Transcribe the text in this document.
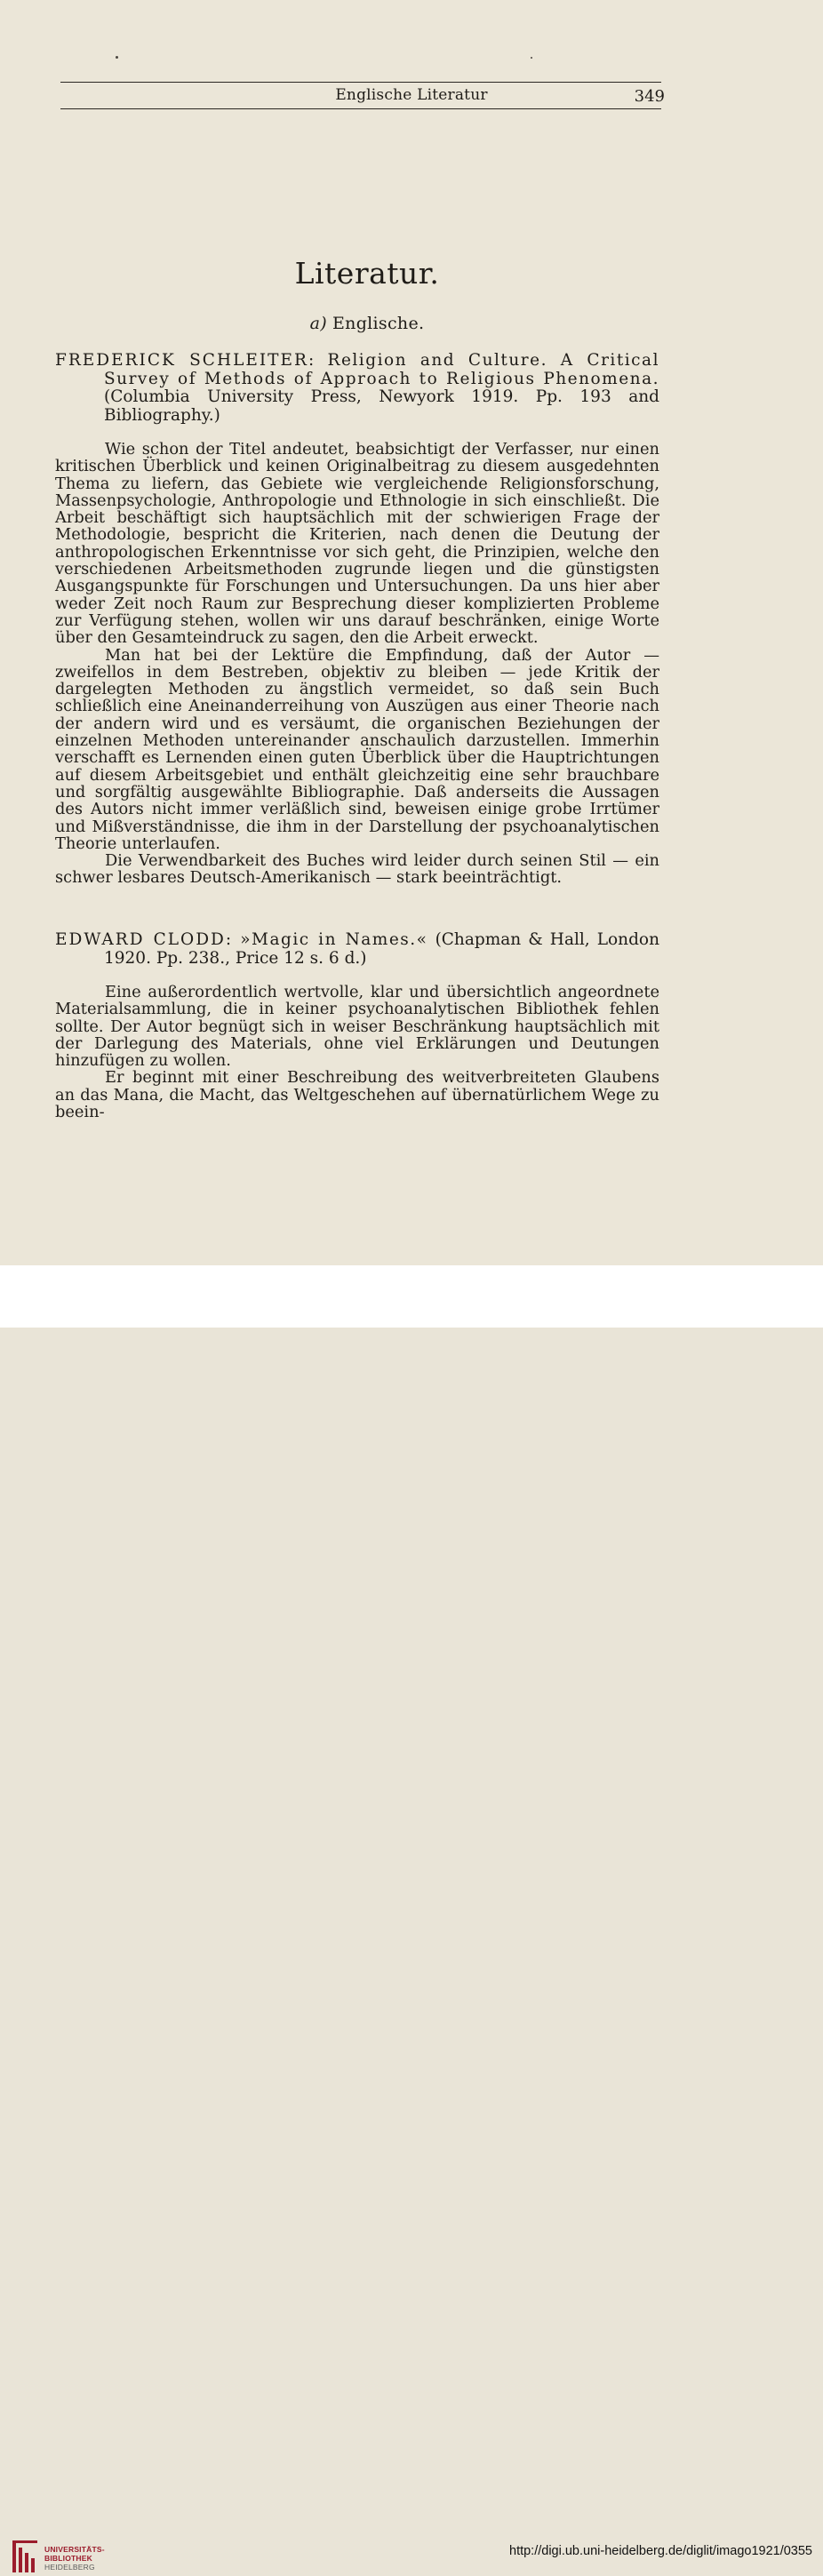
Englische Literatur	349
Literatur.
a) Englische.

FREDERICK SCHLEITER: Religion and Culture. A Critical Survey of Methods of Approach to Religious Phenomena. (Columbia University Press, Newyork 1919. Pp. 193 and Bibliography.)

Wie schon der Titel andeutet, beabsichtigt der Verfasser, nur einen kritischen Überblick und keinen Originalbeitrag zu diesem ausgedehnten Thema zu liefern, das Gebiete wie vergleichende Religionsforschung, Massenpsychologie, Anthropologie und Ethnologie in sich einschließt. Die Arbeit beschäftigt sich hauptsächlich mit der schwierigen Frage der Methodologie, bespricht die Kriterien, nach denen die Deutung der anthropologischen Erkenntnisse vor sich geht, die Prinzipien, welche den verschiedenen Arbeitsmethoden zugrunde liegen und die günstigsten Ausgangspunkte für Forschungen und Untersuchungen. Da uns hier aber weder Zeit noch Raum zur Besprechung dieser komplizierten Probleme zur Verfügung stehen, wollen wir uns darauf beschränken, einige Worte über den Gesamteindruck zu sagen, den die Arbeit erweckt.

Man hat bei der Lektüre die Empfindung, daß der Autor — zweifellos in dem Bestreben, objektiv zu bleiben — jede Kritik der dargelegten Methoden zu ängstlich vermeidet, so daß sein Buch schließlich eine Aneinanderreihung von Auszügen aus einer Theorie nach der andern wird und es versäumt, die organischen Beziehungen der einzelnen Methoden untereinander anschaulich darzustellen. Immerhin verschafft es Lernenden einen guten Überblick über die Hauptrichtungen auf diesem Arbeitsgebiet und enthält gleichzeitig eine sehr brauchbare und sorgfältig ausgewählte Bibliographie. Daß anderseits die Aussagen des Autors nicht immer verläßlich sind, beweisen einige grobe Irrtümer und Mißverständnisse, die ihm in der Darstellung der psychoanalytischen Theorie unterlaufen.

Die Verwendbarkeit des Buches wird leider durch seinen Stil — ein schwer lesbares Deutsch-Amerikanisch — stark beeinträchtigt.

EDWARD CLODD: »Magic in Names.« (Chapman & Hall, London 1920. Pp. 238., Price 12 s. 6 d.)

Eine außerordentlich wertvolle, klar und übersichtlich angeordnete Materialsammlung, die in keiner psychoanalytischen Bibliothek fehlen sollte. Der Autor begnügt sich in weiser Beschränkung hauptsächlich mit der Darlegung des Materials, ohne viel Erklärungen und Deutungen hinzufügen zu wollen.

Er beginnt mit einer Beschreibung des weitverbreiteten Glaubens an das Mana, die Macht, das Weltgeschehen auf übernatürlichem Wege zu beein-

UNIVERSITÄTS-
BIBLIOTHEK
HEIDELBERG
http://digi.ub.uni-heidelberg.de/diglit/imago1921/0355
